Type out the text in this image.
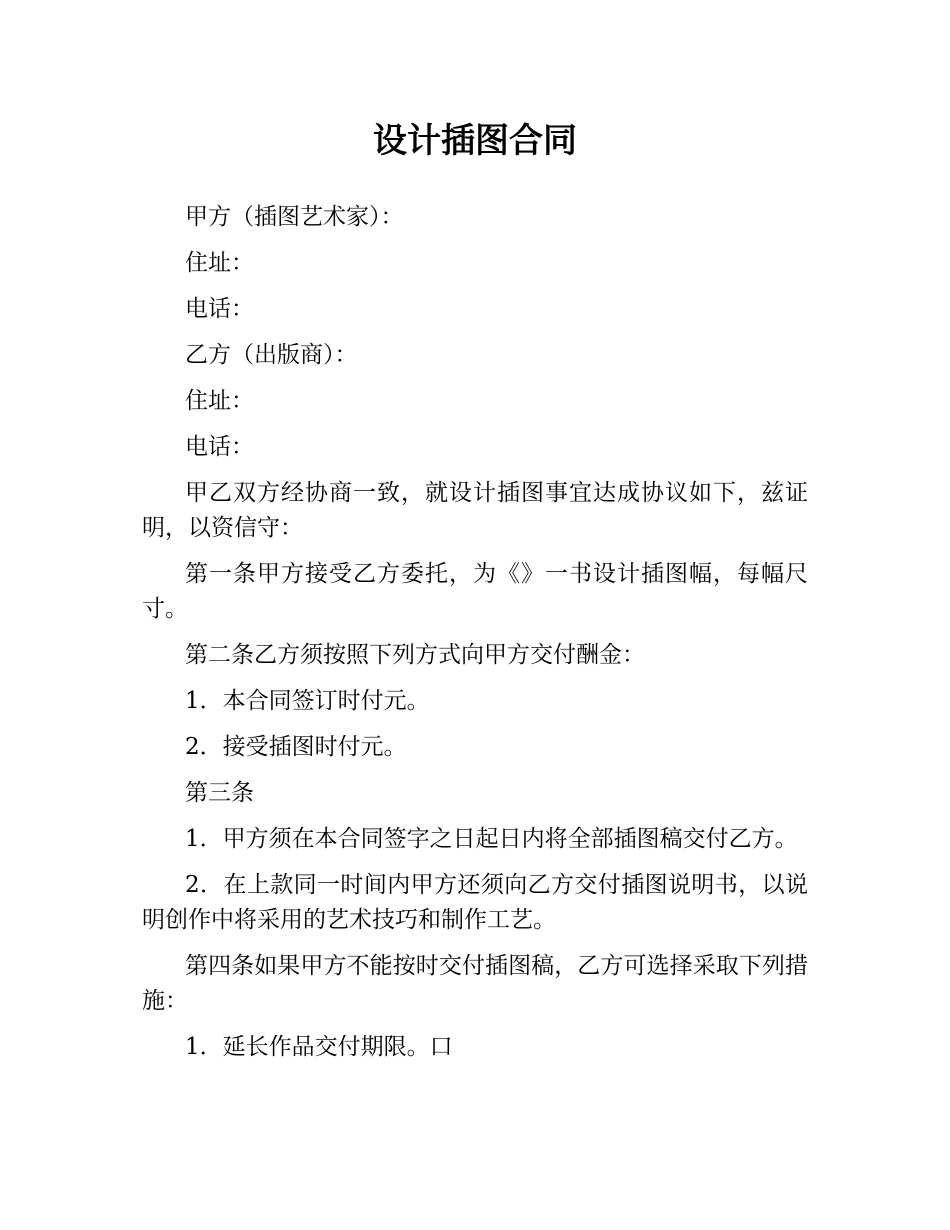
设计插图合同

甲方（插图艺术家）：

住址：

电话：

乙方（出版商）：

住址：

电话：

甲乙双方经协商一致，就设计插图事宜达成协议如下，兹证明，以资信守：

第一条甲方接受乙方委托，为《》一书设计插图幅，每幅尺寸。

第二条乙方须按照下列方式向甲方交付酬金：

1．本合同签订时付元。

2．接受插图时付元。

第三条

1．甲方须在本合同签字之日起日内将全部插图稿交付乙方。

2．在上款同一时间内甲方还须向乙方交付插图说明书，以说明创作中将采用的艺术技巧和制作工艺。

第四条如果甲方不能按时交付插图稿，乙方可选择采取下列措施：

1．延长作品交付期限。口
